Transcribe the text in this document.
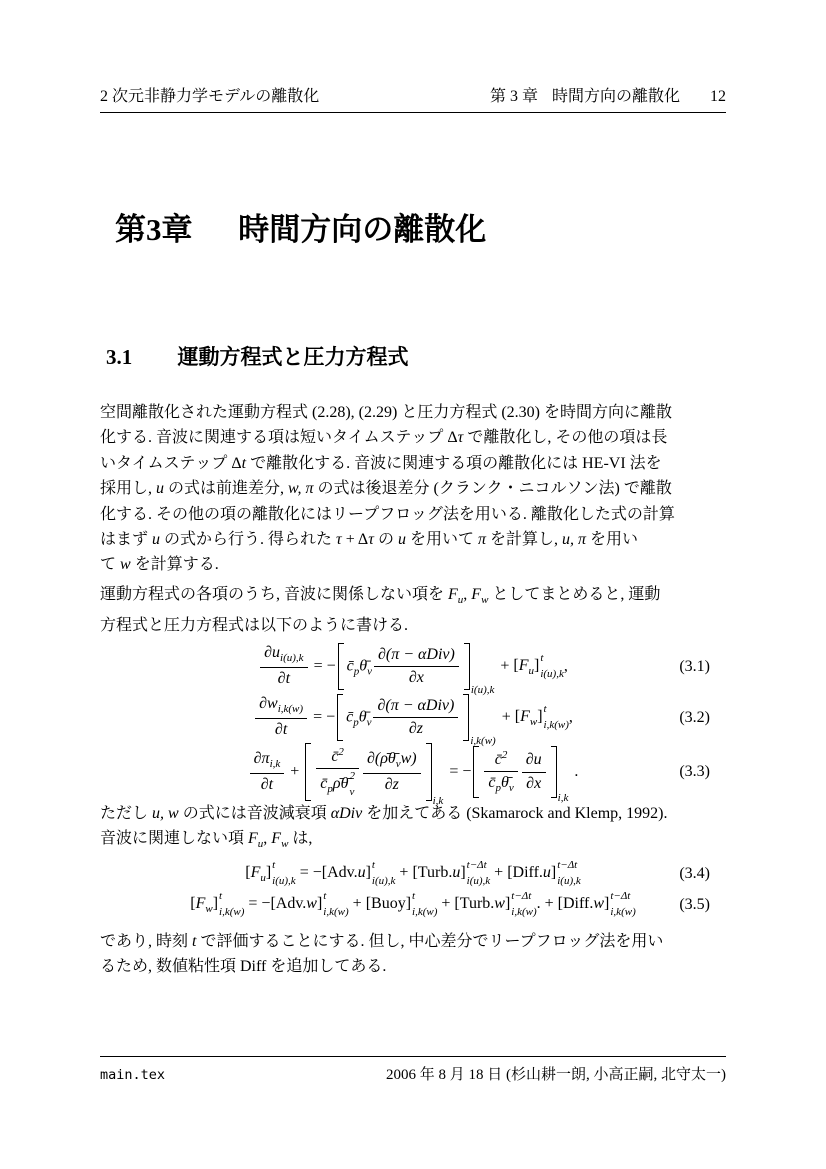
2 次元非静力学モデルの離散化	第 3 章 時間方向の離散化 12
第3章 時間方向の離散化
3.1 運動方程式と圧力方程式
空間離散化された運動方程式 (2.28), (2.29) と圧力方程式 (2.30) を時間方向に離散
化する. 音波に関連する項は短いタイムステップ Δτ で離散化し, その他の項は長
いタイムステップ Δt で離散化する. 音波に関連する項の離散化には HE-VI 法を
採用し, u の式は前進差分, w, π の式は後退差分 (クランク・ニコルソン法) で離散
化する. その他の項の離散化にはリープフロッグ法を用いる. 離散化した式の計算
はまず u の式から行う. 得られた τ + Δτ の u を用いて π を計算し, u, π を用い
て w を計算する.
運動方程式の各項のうち, 音波に関係しない項を $F_u$, $F_w$ としてまとめると, 運動
方程式と圧力方程式は以下のように書ける.
$\frac{\partial u_{i(u),k}}{\partial t}$ = − $c̄_p\thetā_v \frac{\text{∂(π − αDiv)}}{\partial x}$
i(u),k
+ $[F_u]$ t
i(u),k ,	(3.1)
$\frac{\partial w_{i,k(w)}}{\partial t}$ = − $c̄_p\thetā_v \frac{\text{∂(π − αDiv)}}{\partial z}$
i,k(w)
+ $[F_w]$ t
i,k(w) ,	(3.2)
$\frac{\partial\pi_{i,k}}{\partial t}$ + c̄$^2$
$c̄_p\rhō\thetā$ 2
v $\frac{\partial(\rhō\thetā_vw)}{\partial z}$
i,k
= − $\frac{c̄^2}{c̄_p\thetā_v} \frac{\partial u}{\partial x}$
i,k
.	(3.3)
ただし u, w の式には音波減衰項 αDiv を加えてある (Skamarock and Klemp, 1992).
音波に関連しない項 $F_u$, $F_w$ は,
$[F_u]$ t
i(u),k = −[Adv.u] t
i(u),k + [Turb.u] t−Δt
i(u),k + [Diff.u] t−Δt
i(u),k	(3.4)
$[F_w]$ t
i,k(w) = −[Adv.w] t
i,k(w) + [Buoy] t
i,k(w) + [Turb.w] t−Δt
i,k(w) . + [Diff.w] t−Δt
i,k(w)	(3.5)
であり, 時刻 t で評価することにする. 但し, 中心差分でリープフロッグ法を用い
るため, 数値粘性項 Diff を追加してある.
main.tex	2006 年 8 月 18 日 (杉山耕一朗, 小高正嗣, 北守太一)
